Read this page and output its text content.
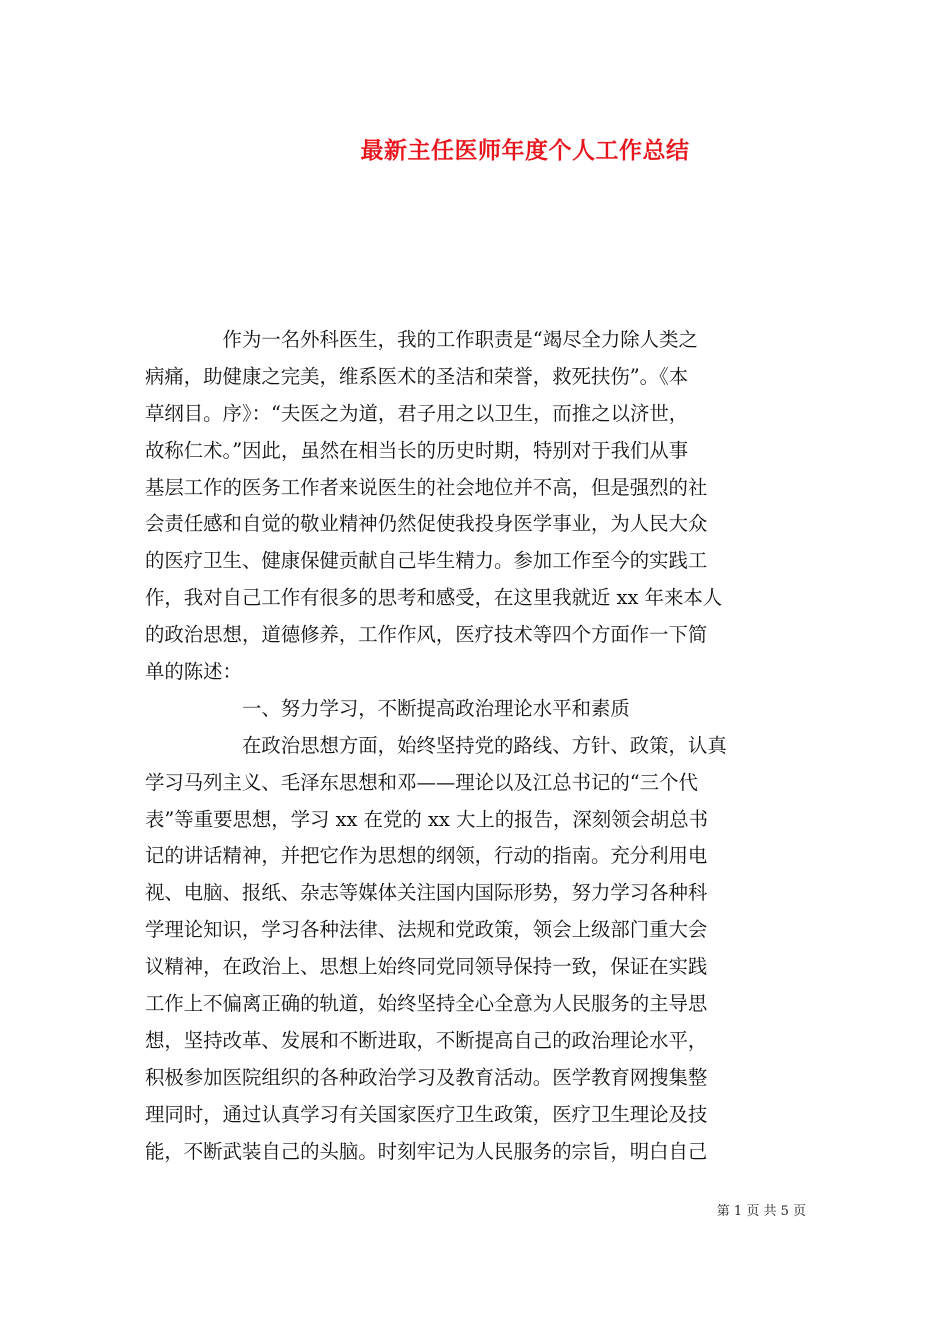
最新主任医师年度个人工作总结
　　　　作为一名外科医生，我的工作职责是“竭尽全力除人类之
病痛，助健康之完美，维系医术的圣洁和荣誉，救死扶伤”。《本
草纲目。序》：“夫医之为道，君子用之以卫生，而推之以济世，
故称仁术。”因此，虽然在相当长的历史时期，特别对于我们从事
基层工作的医务工作者来说医生的社会地位并不高，但是强烈的社
会责任感和自觉的敬业精神仍然促使我投身医学事业，为人民大众
的医疗卫生、健康保健贡献自己毕生精力。参加工作至今的实践工
作，我对自己工作有很多的思考和感受，在这里我就近 xx 年来本人
的政治思想，道德修养，工作作风，医疗技术等四个方面作一下简
单的陈述：
　　　　　一、努力学习，不断提高政治理论水平和素质
　　　　　在政治思想方面，始终坚持党的路线、方针、政策，认真
学习马列主义、毛泽东思想和邓——理论以及江总书记的“三个代
表”等重要思想，学习 xx 在党的 xx 大上的报告，深刻领会胡总书
记的讲话精神，并把它作为思想的纲领，行动的指南。充分利用电
视、电脑、报纸、杂志等媒体关注国内国际形势，努力学习各种科
学理论知识，学习各种法律、法规和党政策，领会上级部门重大会
议精神，在政治上、思想上始终同党同领导保持一致，保证在实践
工作上不偏离正确的轨道，始终坚持全心全意为人民服务的主导思
想，坚持改革、发展和不断进取，不断提高自己的政治理论水平，
积极参加医院组织的各种政治学习及教育活动。医学教育网搜集整
理同时，通过认真学习有关国家医疗卫生政策，医疗卫生理论及技
能，不断武装自己的头脑。时刻牢记为人民服务的宗旨，明白自己
第 1 页 共 5 页
